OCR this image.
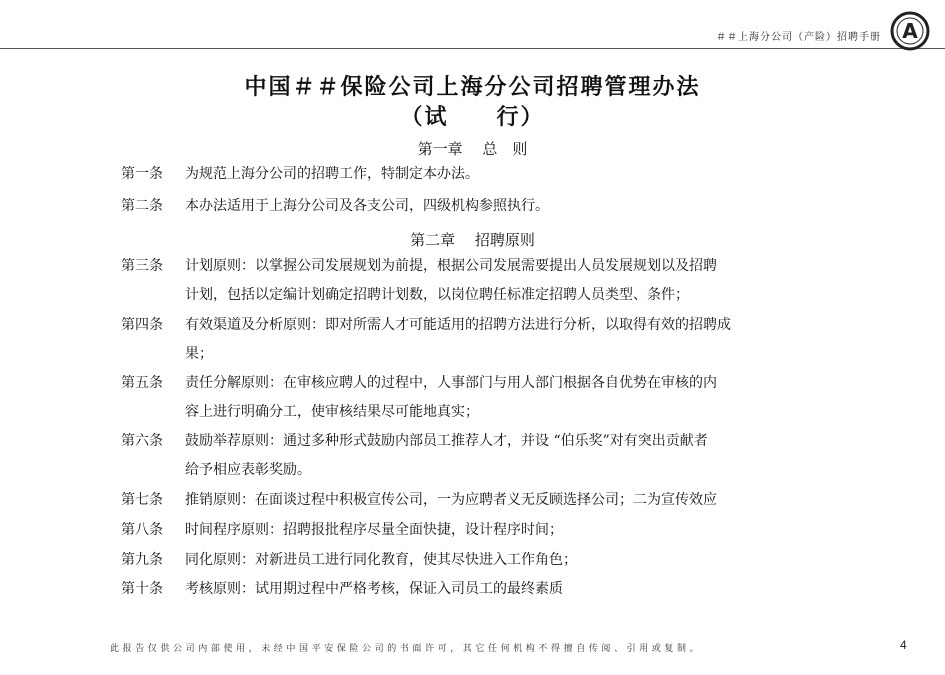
＃＃上海分公司（产险）招聘手册 A
中国＃＃保险公司上海分公司招聘管理办法
（试　　行）
第一章　 总　则
第一条 为规范上海分公司的招聘工作，特制定本办法。
第二条 本办法适用于上海分公司及各支公司，四级机构参照执行。
第二章　 招聘原则
第三条 计划原则：以掌握公司发展规划为前提，根据公司发展需要提出人员发展规划以及招聘
计划，包括以定编计划确定招聘计划数，以岗位聘任标准定招聘人员类型、条件；
第四条 有效渠道及分析原则：即对所需人才可能适用的招聘方法进行分析，以取得有效的招聘成
果；
第五条 责任分解原则：在审核应聘人的过程中，人事部门与用人部门根据各自优势在审核的内
容上进行明确分工，使审核结果尽可能地真实；
第六条 鼓励举荐原则：通过多种形式鼓励内部员工推荐人才，并设 “伯乐奖”对有突出贡献者
给予相应表彰奖励。
第七条 推销原则：在面谈过程中积极宣传公司，一为应聘者义无反顾选择公司；二为宣传效应
第八条 时间程序原则：招聘报批程序尽量全面快捷，设计程序时间；
第九条 同化原则：对新进员工进行同化教育，使其尽快进入工作角色；
第十条 考核原则：试用期过程中严格考核，保证入司员工的最终素质
此报告仅供公司内部使用，未经中国平安保险公司的书面许可，其它任何机构不得擅自传阅、引用或复制。	4
